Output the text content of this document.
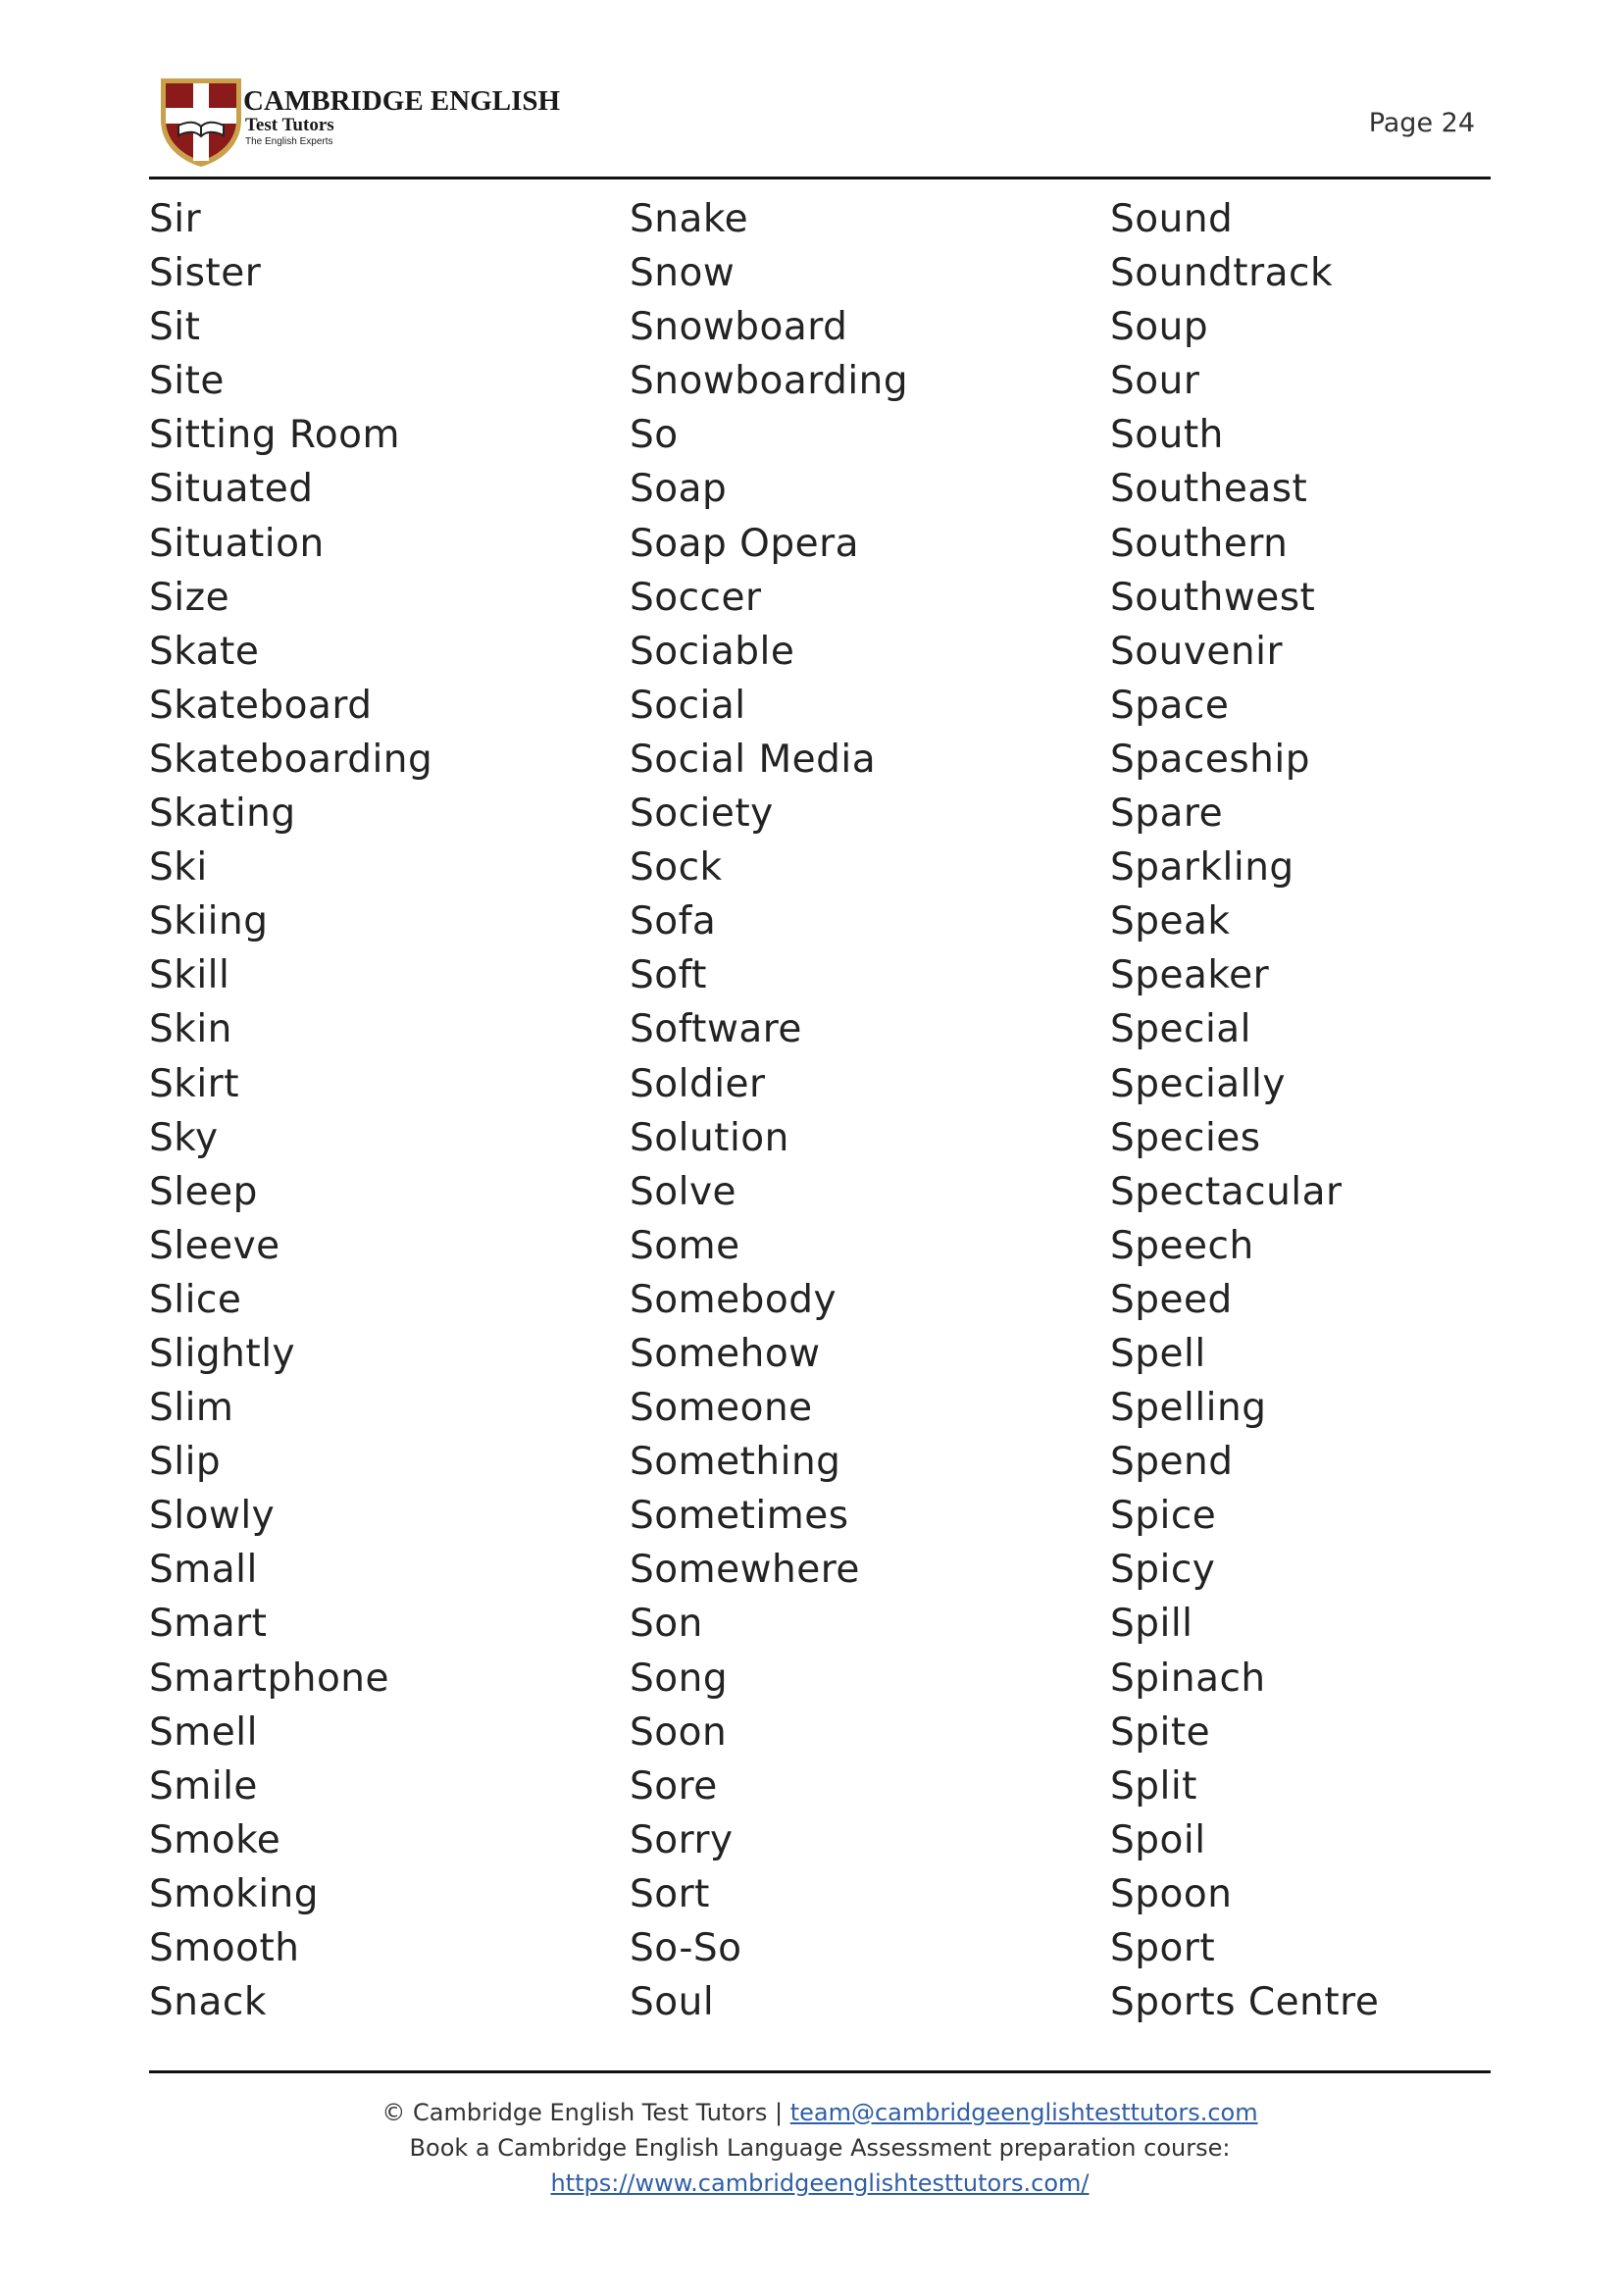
CAMBRIDGE ENGLISH
Test Tutors
The English Experts
Page 24
Sir
Sister
Sit
Site
Sitting Room
Situated
Situation
Size
Skate
Skateboard
Skateboarding
Skating
Ski
Skiing
Skill
Skin
Skirt
Sky
Sleep
Sleeve
Slice
Slightly
Slim
Slip
Slowly
Small
Smart
Smartphone
Smell
Smile
Smoke
Smoking
Smooth
Snack
Snake
Snow
Snowboard
Snowboarding
So
Soap
Soap Opera
Soccer
Sociable
Social
Social Media
Society
Sock
Sofa
Soft
Software
Soldier
Solution
Solve
Some
Somebody
Somehow
Someone
Something
Sometimes
Somewhere
Son
Song
Soon
Sore
Sorry
Sort
So-So
Soul
Sound
Soundtrack
Soup
Sour
South
Southeast
Southern
Southwest
Souvenir
Space
Spaceship
Spare
Sparkling
Speak
Speaker
Special
Specially
Species
Spectacular
Speech
Speed
Spell
Spelling
Spend
Spice
Spicy
Spill
Spinach
Spite
Split
Spoil
Spoon
Sport
Sports Centre
© Cambridge English Test Tutors | team@cambridgeenglishtesttutors.com
Book a Cambridge English Language Assessment preparation course:
https://www.cambridgeenglishtesttutors.com/
